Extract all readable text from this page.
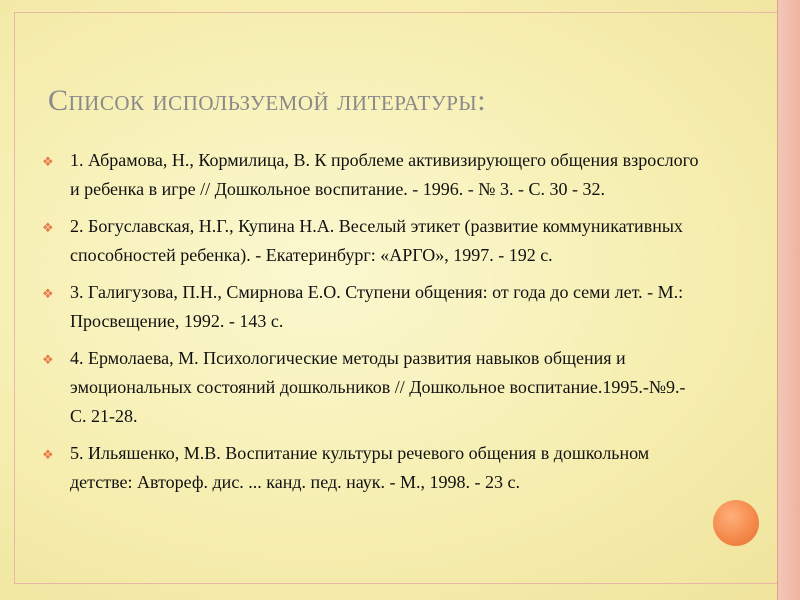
Список используемой литературы:
❖ 1. Абрамова, Н., Кормилица, В. К проблеме активизирующего общения взрослого и ребенка в игре // Дошкольное воспитание. - 1996. - № 3. - С. 30 - 32.
❖ 2. Богуславская, Н.Г., Купина Н.А. Веселый этикет (развитие коммуникативных способностей ребенка). - Екатеринбург: «АРГО», 1997. - 192 с.
❖ 3. Галигузова, П.Н., Смирнова Е.О. Ступени общения: от года до семи лет. - М.: Просвещение, 1992. - 143 с.
❖ 4. Ермолаева, М. Психологические методы развития навыков общения и эмоциональных состояний дошкольников // Дошкольное воспитание.1995.-№9.-С. 21-28.
❖ 5. Ильяшенко, М.В. Воспитание культуры речевого общения в дошкольном детстве: Автореф. дис. ... канд. пед. наук. - М., 1998. - 23 с.
